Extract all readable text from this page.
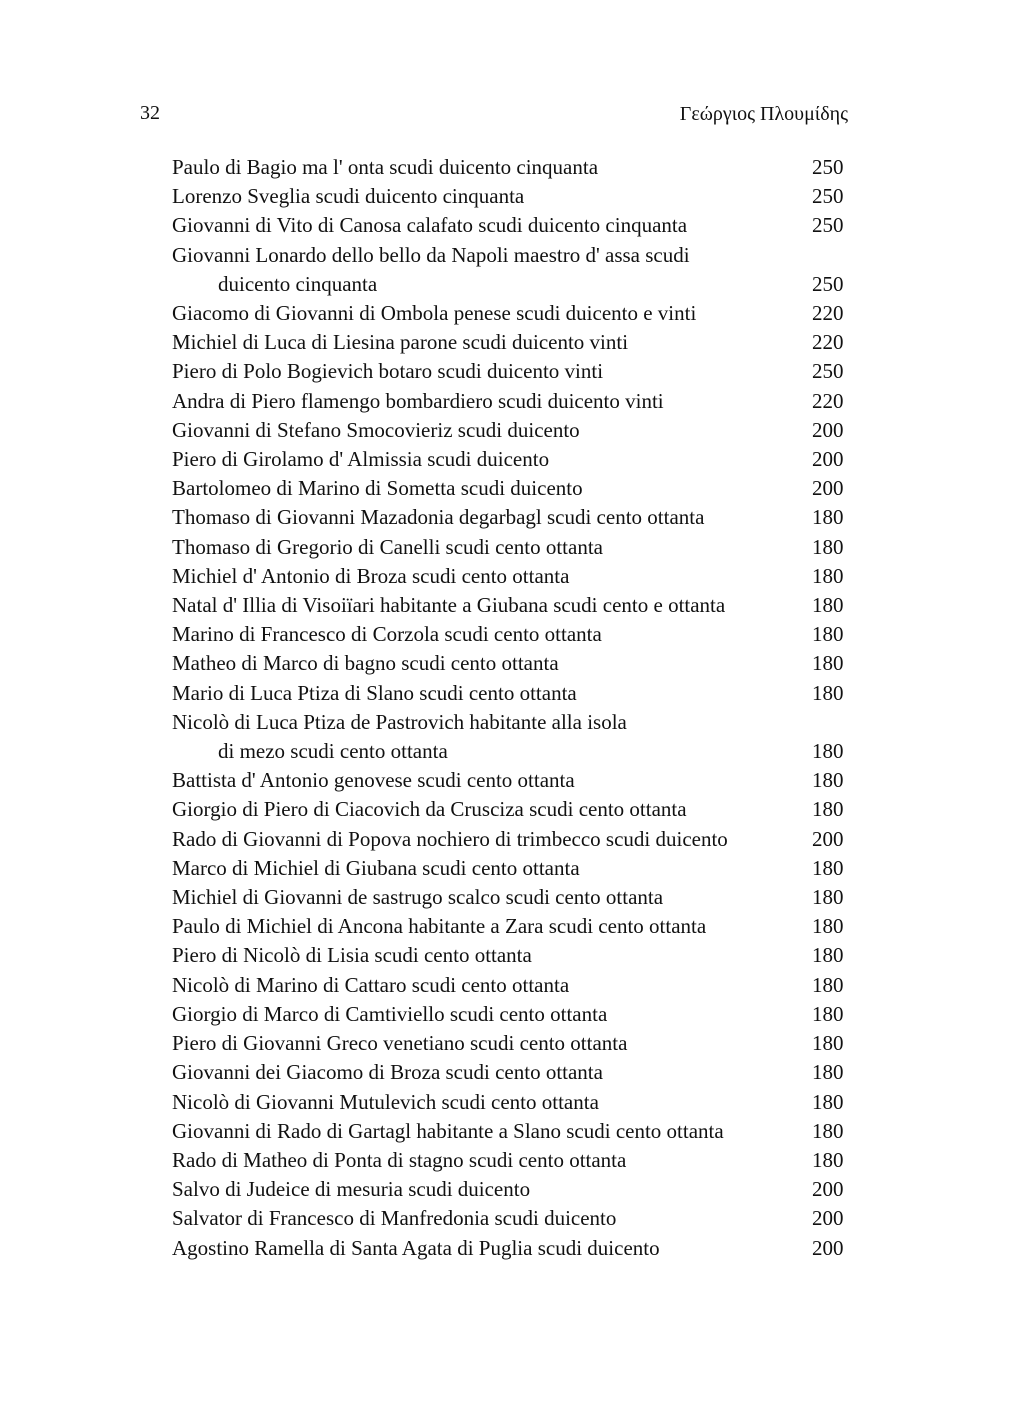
32	Γεώργιος Πλουμίδης
Paulo di Bagio ma l' onta scudi duicento cinquanta	250
Lorenzo Sveglia scudi duicento cinquanta	250
Giovanni di Vito di Canosa calafato scudi duicento cinquanta	250
Giovanni Lonardo dello bello da Napoli maestro d' assa scudi
duicento cinquanta	250
Giacomo di Giovanni di Ombola penese scudi duicento e vinti	220
Michiel di Luca di Liesina parone scudi duicento vinti	220
Piero di Polo Bogievich botaro scudi duicento vinti	250
Andra di Piero flamengo bombardiero scudi duicento vinti	220
Giovanni di Stefano Smocovieriz scudi duicento	200
Piero di Girolamo d' Almissia scudi duicento	200
Bartolomeo di Marino di Sometta scudi duicento	200
Thomaso di Giovanni Mazadonia degarbagl scudi cento ottanta	180
Thomaso di Gregorio di Canelli scudi cento ottanta	180
Michiel d' Antonio di Broza scudi cento ottanta	180
Natal d' Illia di Visoiïari habitante a Giubana scudi cento e ottanta	180
Marino di Francesco di Corzola scudi cento ottanta	180
Matheo di Marco di bagno scudi cento ottanta	180
Mario di Luca Ptiza di Slano scudi cento ottanta	180
Nicolò di Luca Ptiza de Pastrovich habitante alla isola
di mezo scudi cento ottanta	180
Battista d' Antonio genovese scudi cento ottanta	180
Giorgio di Piero di Ciacovich da Crusciza scudi cento ottanta	180
Rado di Giovanni di Popova nochiero di trimbecco scudi duicento	200
Marco di Michiel di Giubana scudi cento ottanta	180
Michiel di Giovanni de sastrugo scalco scudi cento ottanta	180
Paulo di Michiel di Ancona habitante a Zara scudi cento ottanta	180
Piero di Nicolò di Lisia scudi cento ottanta	180
Nicolò di Marino di Cattaro scudi cento ottanta	180
Giorgio di Marco di Camtiviello scudi cento ottanta	180
Piero di Giovanni Greco venetiano scudi cento ottanta	180
Giovanni dei Giacomo di Broza scudi cento ottanta	180
Nicolò di Giovanni Mutulevich scudi cento ottanta	180
Giovanni di Rado di Gartagl habitante a Slano scudi cento ottanta	180
Rado di Matheo di Ponta di stagno scudi cento ottanta	180
Salvo di Judeice di mesuria scudi duicento	200
Salvator di Francesco di Manfredonia scudi duicento	200
Agostino Ramella di Santa Agata di Puglia scudi duicento	200
